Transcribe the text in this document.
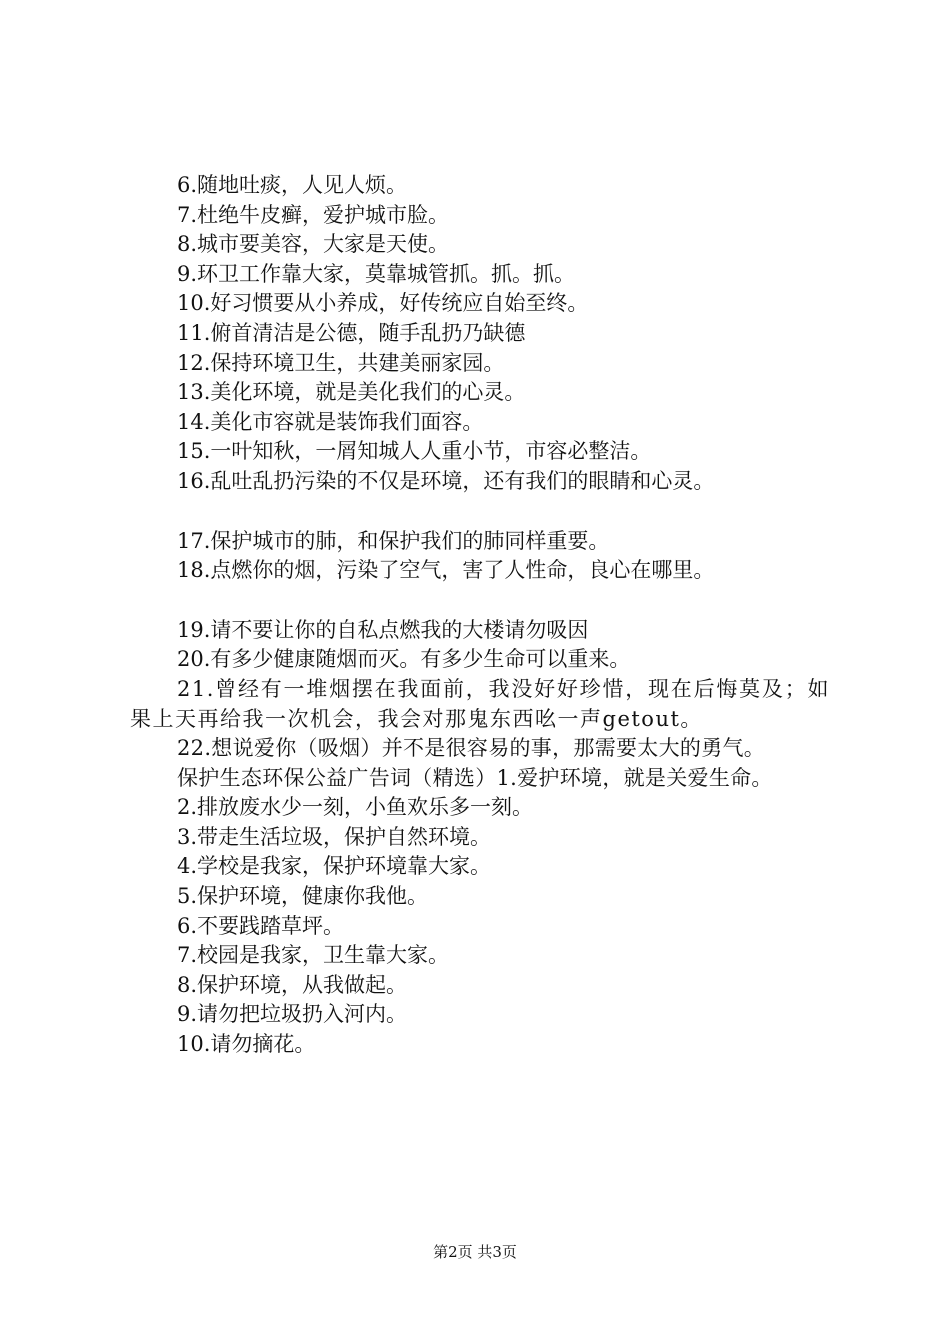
6.随地吐痰，人见人烦。
7.杜绝牛皮癣，爱护城市脸。
8.城市要美容，大家是天使。
9.环卫工作靠大家，莫靠城管抓。抓。抓。
10.好习惯要从小养成，好传统应自始至终。
11.俯首清洁是公德，随手乱扔乃缺德
12.保持环境卫生，共建美丽家园。
13.美化环境，就是美化我们的心灵。
14.美化市容就是装饰我们面容。
15.一叶知秋，一屑知城人人重小节，市容必整洁。
16.乱吐乱扔污染的不仅是环境，还有我们的眼睛和心灵。
17.保护城市的肺，和保护我们的肺同样重要。
18.点燃你的烟，污染了空气，害了人性命，良心在哪里。
19.请不要让你的自私点燃我的大楼请勿吸因
20.有多少健康随烟而灭。有多少生命可以重来。
21.曾经有一堆烟摆在我面前，我没好好珍惜，现在后悔莫及；如果上天再给我一次机会，我会对那鬼东西吆一声getout。
22.想说爱你（吸烟）并不是很容易的事，那需要太大的勇气。
保护生态环保公益广告词（精选）1.爱护环境，就是关爱生命。
2.排放废水少一刻，小鱼欢乐多一刻。
3.带走生活垃圾，保护自然环境。
4.学校是我家，保护环境靠大家。
5.保护环境，健康你我他。
6.不要践踏草坪。
7.校园是我家，卫生靠大家。
8.保护环境，从我做起。
9.请勿把垃圾扔入河内。
10.请勿摘花。
第2页 共3页
